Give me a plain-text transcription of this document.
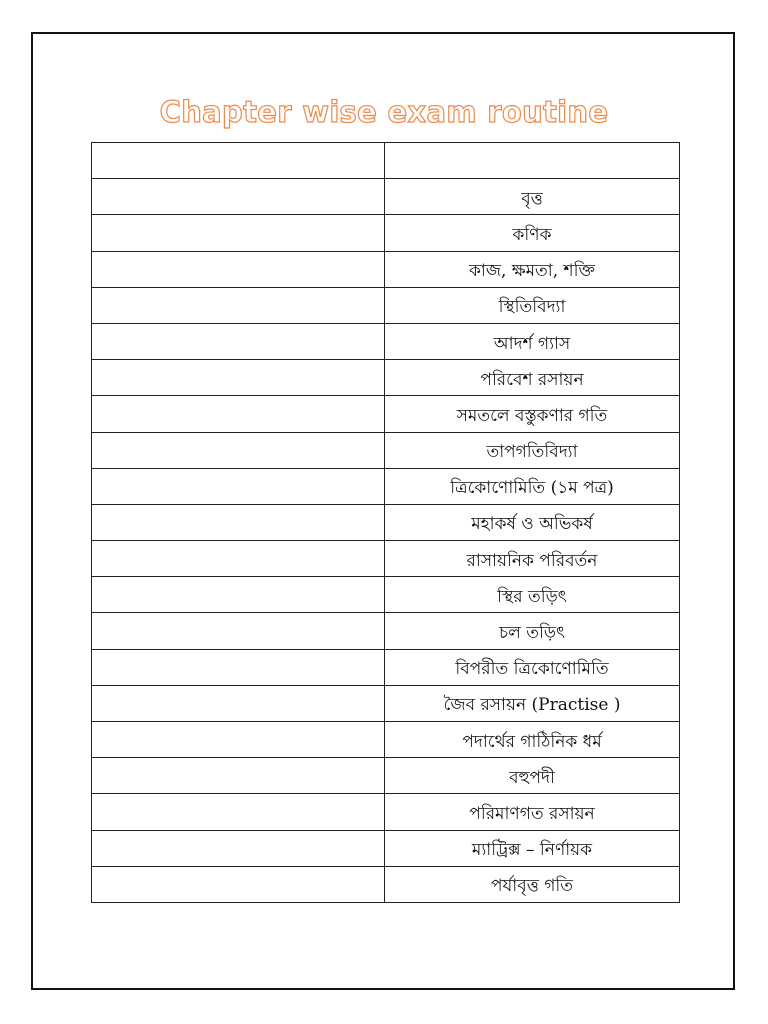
Chapter wise exam routine

	বৃত্ত
	কণিক
	কাজ, ক্ষমতা, শক্তি
	স্থিতিবিদ্যা
	আদর্শ গ্যাস
	পরিবেশ রসায়ন
	সমতলে বস্তুকণার গতি
	তাপগতিবিদ্যা
	ত্রিকোণোমিতি (১ম পত্র)
	মহাকর্ষ ও অভিকর্ষ
	রাসায়নিক পরিবর্তন
	স্থির তড়িৎ
	চল তড়িৎ
	বিপরীত ত্রিকোণোমিতি
	জৈব রসায়ন (Practise )
	পদার্থের গাঠিনিক ধর্ম
	বহুপদী
	পরিমাণগত রসায়ন
	ম্যাট্রিক্স – নির্ণায়ক
	পর্যাবৃত্ত গতি
